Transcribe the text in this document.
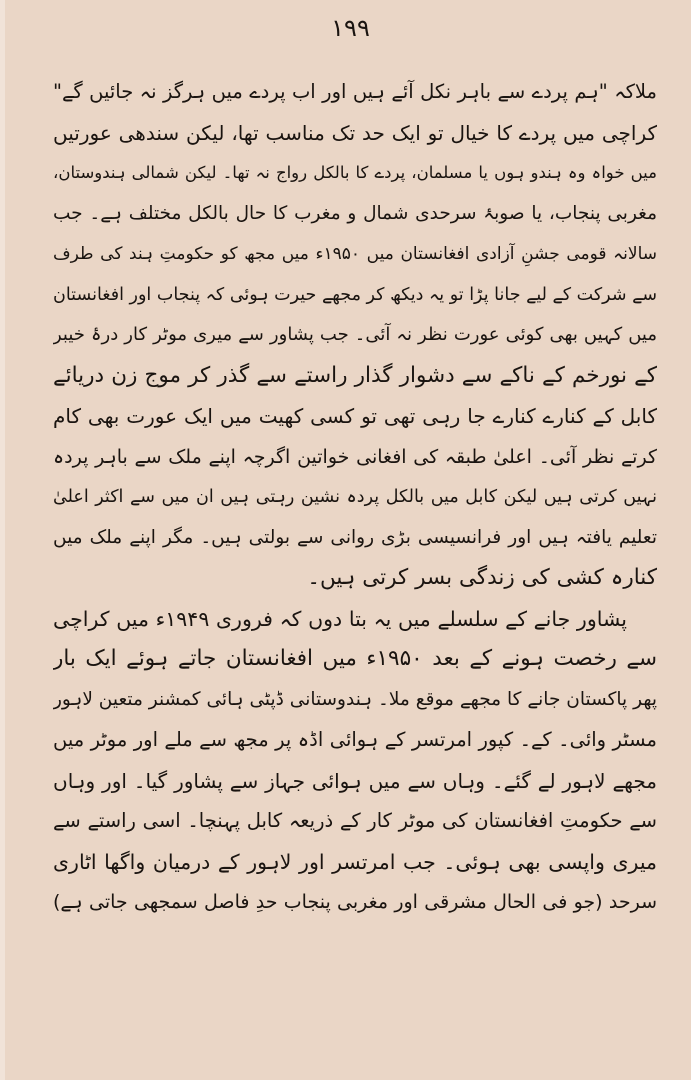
۱۹۹
ملاکہ "ہم پردے سے باہر نکل آئے ہیں اور اب پردے میں ہرگز نہ جائیں گے"
کراچی میں پردے کا خیال تو ایک حد تک مناسب تھا، لیکن سندھی عورتیں
میں خواہ وہ ہندو ہوں یا مسلمان، پردے کا بالکل رواج نہ تھا۔ لیکن شمالی ہندوستان،
مغربی پنجاب، یا صوبۂ سرحدی شمال و مغرب کا حال بالکل مختلف ہے۔ جب
سالانہ قومی جشنِ آزادی افغانستان میں ۱۹۵۰ء میں مجھ کو حکومتِ ہند کی طرف
سے شرکت کے لیے جانا پڑا تو یہ دیکھ کر مجھے حیرت ہوئی کہ پنجاب اور افغانستان
میں کہیں بھی کوئی عورت نظر نہ آئی۔ جب پشاور سے میری موٹر کار درۂ خیبر
کے نورخم کے ناکے سے دشوار گذار راستے سے گذر کر موج زن دریائے
کابل کے کنارے کنارے جا رہی تھی تو کسی کھیت میں ایک عورت بھی کام
کرتے نظر آئی۔ اعلیٰ طبقہ کی افغانی خواتین اگرچہ اپنے ملک سے باہر پردہ
نہیں کرتی ہیں لیکن کابل میں بالکل پردہ نشین رہتی ہیں ان میں سے اکثر اعلیٰ
تعلیم یافتہ ہیں اور فرانسیسی بڑی روانی سے بولتی ہیں۔ مگر اپنے ملک میں
کنارہ کشی کی زندگی بسر کرتی ہیں۔
پشاور جانے کے سلسلے میں یہ بتا دوں کہ فروری ۱۹۴۹ء میں کراچی
سے رخصت ہونے کے بعد ۱۹۵۰ء میں افغانستان جاتے ہوئے ایک بار
پھر پاکستان جانے کا مجھے موقع ملا۔ ہندوستانی ڈپٹی ہائی کمشنر متعین لاہور
مسٹر وائی۔ کے۔ کپور امرتسر کے ہوائی اڈہ پر مجھ سے ملے اور موٹر میں
مجھے لاہور لے گئے۔ وہاں سے میں ہوائی جہاز سے پشاور گیا۔ اور وہاں
سے حکومتِ افغانستان کی موٹر کار کے ذریعہ کابل پہنچا۔ اسی راستے سے
میری واپسی بھی ہوئی۔ جب امرتسر اور لاہور کے درمیان واگھا اٹاری
سرحد (جو فی الحال مشرقی اور مغربی پنجاب حدِ فاصل سمجھی جاتی ہے)
